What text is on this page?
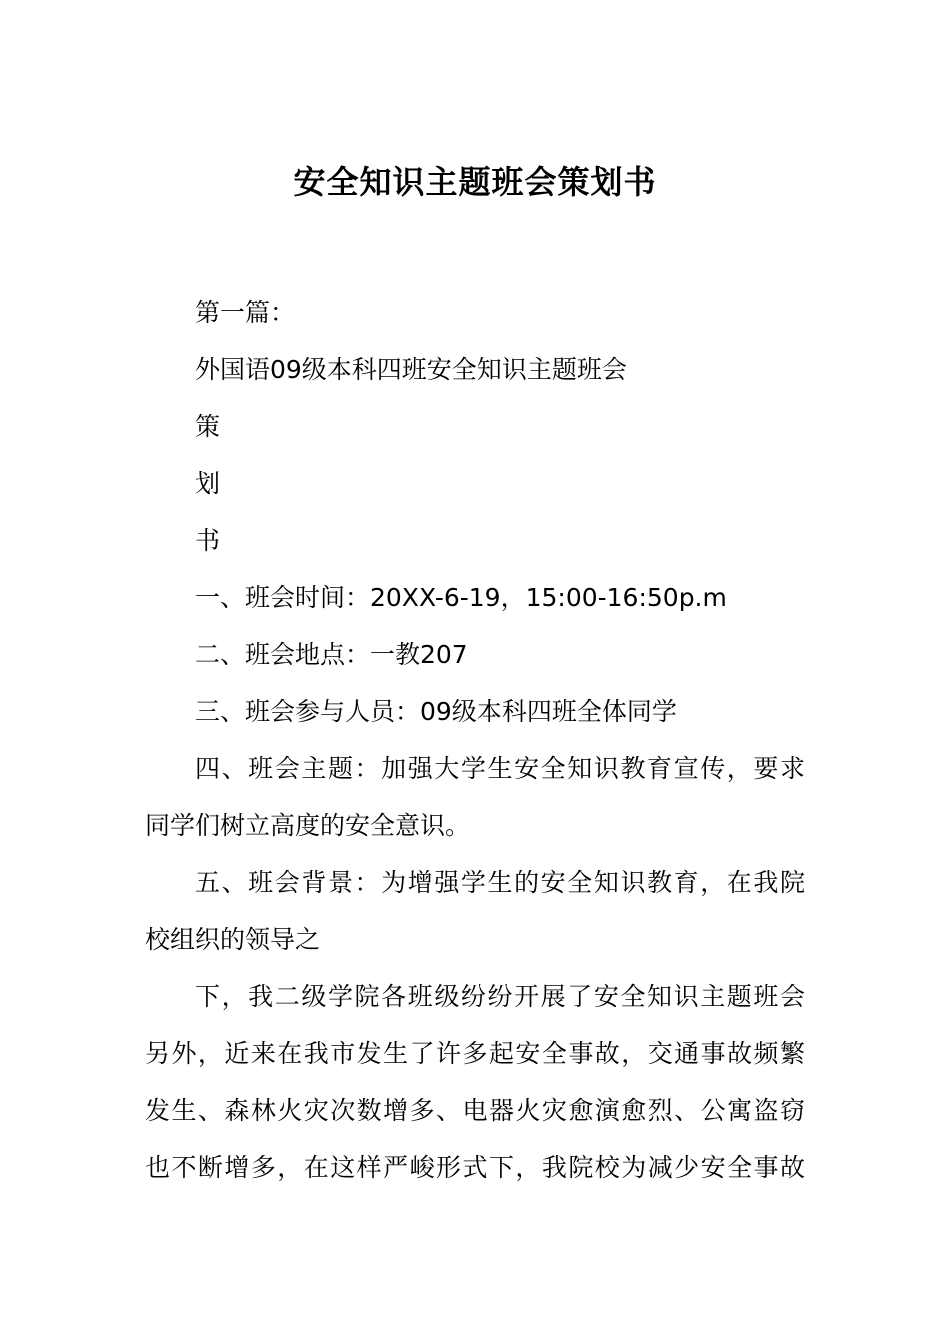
安全知识主题班会策划书
第一篇：
外国语09级本科四班安全知识主题班会
策
划
书
一、班会时间：20XX-6-19，15:00-16:50p.m
二、班会地点：一教207
三、班会参与人员：09级本科四班全体同学
四、班会主题：加强大学生安全知识教育宣传，要求
同学们树立高度的安全意识。
五、班会背景：为增强学生的安全知识教育，在我院
校组织的领导之
下，我二级学院各班级纷纷开展了安全知识主题班会
另外，近来在我市发生了许多起安全事故，交通事故频繁
发生、森林火灾次数增多、电器火灾愈演愈烈、公寓盗窃
也不断增多，在这样严峻形式下，我院校为减少安全事故
